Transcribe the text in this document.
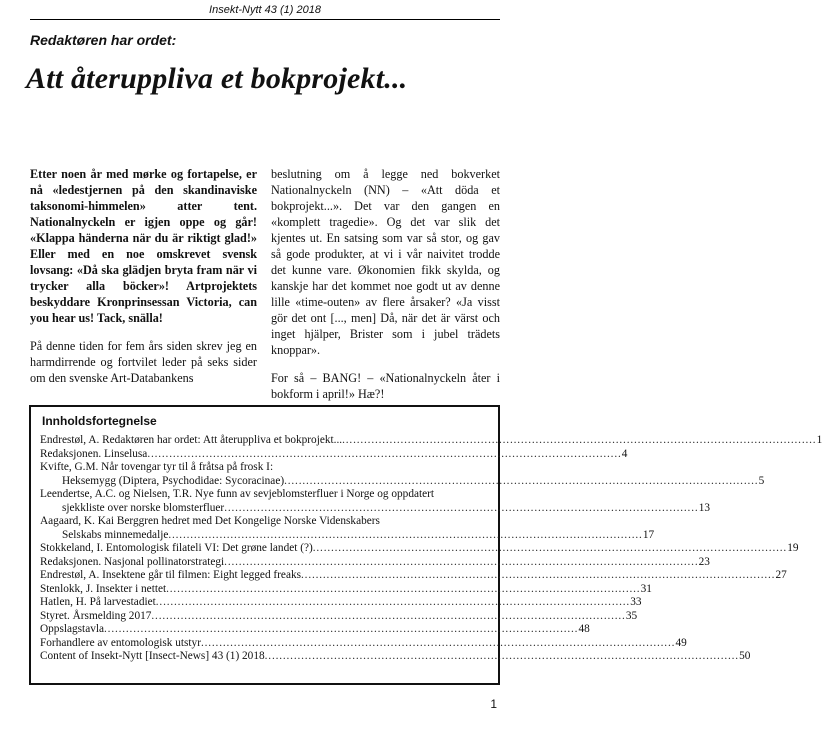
Insekt-Nytt 43 (1) 2018
Redaktøren har ordet:
Att återuppliva et bokprojekt...

Etter noen år med mørke og fortapelse, er nå «ledestjernen på den skandinaviske taksonomi-himmelen» atter tent. Nationalnyckeln er igjen oppe og går! «Klappa händerna när du är riktigt glad!» Eller med en noe omskrevet svensk lovsang: «Då ska glädjen bryta fram när vi trycker alla böcker»! Artprojektets beskyddare Kronprinsessan Victoria, can you hear us! Tack, snälla!

På denne tiden for fem års siden skrev jeg en harmdirrende og fortvilet leder på seks sider om den svenske Art-Databankens

beslutning om å legge ned bokverket Nationalnyckeln (NN) – «Att döda et bokprojekt...». Det var den gangen en «komplett tragedie». Og det var slik det kjentes ut. En satsing som var så stor, og gav så gode produkter, at vi i vår naivitet trodde det kunne vare. Økonomien fikk skylda, og kanskje har det kommet noe godt ut av denne lille «time-outen» av flere årsaker? «Ja visst gör det ont [..., men] Då, när det är värst och inget hjälper, Brister som i jubel trädets knoppar».

For så – BANG! – «Nationalnyckeln åter i bokform i april!» Hæ?!

Innholdsfortegnelse
Endrestøl, A. Redaktøren har ordet: Att återuppliva et bokprojekt... . . .	1
Redaksjonen. Linselusa . . .	4
Kvifte, G.M. Når tovengar tyr til å fråtsa på frosk I:
Heksemygg (Diptera, Psychodidae: Sycoracinae) . . .	5
Leendertse, A.C. og Nielsen, T.R. Nye funn av sevjeblomsterfluer i Norge og oppdatert
sjekkliste over norske blomsterfluer . . .	13
Aagaard, K. Kai Berggren hedret med Det Kongelige Norske Videnskabers
Selskabs minnemedalje . . .	17
Stokkeland, I. Entomologisk filateli VI: Det grøne landet (?) . . .	19
Redaksjonen. Nasjonal pollinatorstrategi . . .	23
Endrestøl, A. Insektene går til filmen: Eight legged freaks . . .	27
Stenlokk, J. Insekter i nettet . . .	31
Hatlen, H. På larvestadiet . . .	33
Styret. Årsmelding 2017 . . .	35
Oppslagstavla . . .	48
Forhandlere av entomologisk utstyr . . .	49
Content of Insekt-Nytt [Insect-News] 43 (1) 2018 . . .	50
1
